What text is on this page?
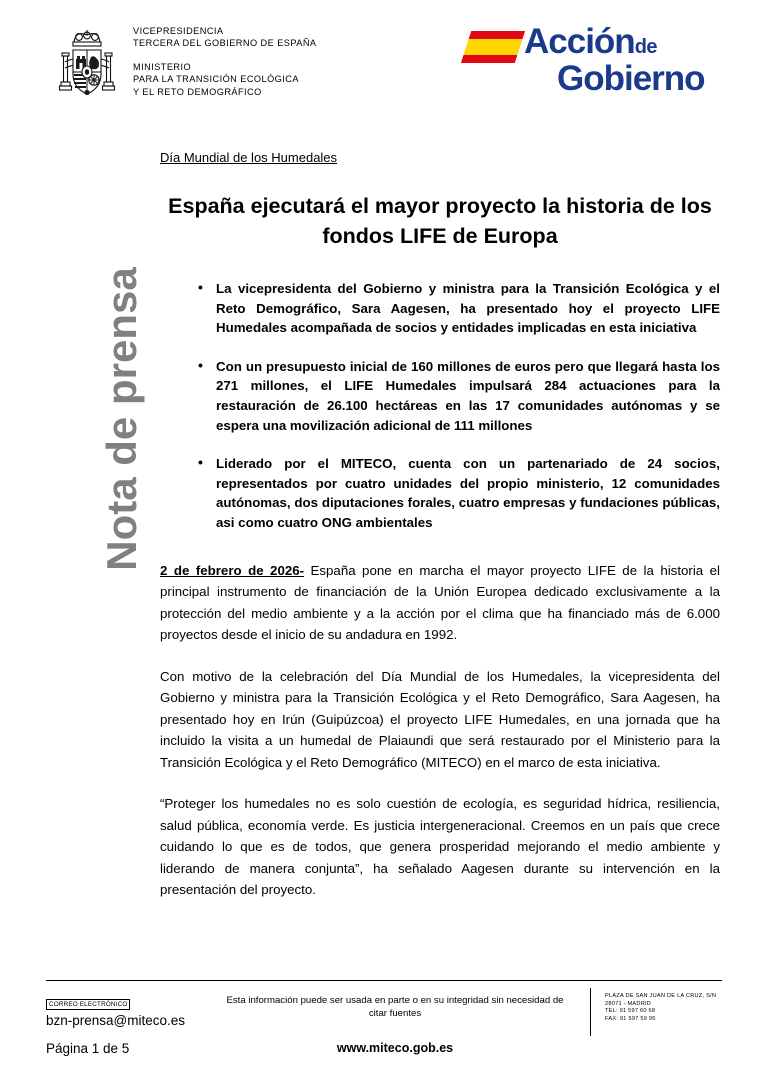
VICEPRESIDENCIA
TERCERA DEL GOBIERNO DE ESPAÑA
MINISTERIO
PARA LA TRANSICIÓN ECOLÓGICA
Y EL RETO DEMOGRÁFICO
Acciónde
Gobierno
Nota de prensa
Día Mundial de los Humedales
España ejecutará el mayor proyecto la historia de los fondos LIFE de Europa
• La vicepresidenta del Gobierno y ministra para la Transición Ecológica y el Reto Demográfico, Sara Aagesen, ha presentado hoy el proyecto LIFE Humedales acompañada de socios y entidades implicadas en esta iniciativa
• Con un presupuesto inicial de 160 millones de euros pero que llegará hasta los 271 millones, el LIFE Humedales impulsará 284 actuaciones para la restauración de 26.100 hectáreas en las 17 comunidades autónomas y se espera una movilización adicional de 111 millones
• Liderado por el MITECO, cuenta con un partenariado de 24 socios, representados por cuatro unidades del propio ministerio, 12 comunidades autónomas, dos diputaciones forales, cuatro empresas y fundaciones públicas, asi como cuatro ONG ambientales

2 de febrero de 2026- España pone en marcha el mayor proyecto LIFE de la historia el principal instrumento de financiación de la Unión Europea dedicado exclusivamente a la protección del medio ambiente y a la acción por el clima que ha financiado más de 6.000 proyectos desde el inicio de su andadura en 1992.

Con motivo de la celebración del Día Mundial de los Humedales, la vicepresidenta del Gobierno y ministra para la Transición Ecológica y el Reto Demográfico, Sara Aagesen, ha presentado hoy en Irún (Guipúzcoa) el proyecto LIFE Humedales, en una jornada que ha incluido la visita a un humedal de Plaiaundi que será restaurado por el Ministerio para la Transición Ecológica y el Reto Demográfico (MITECO) en el marco de esta iniciativa.

“Proteger los humedales no es solo cuestión de ecología, es seguridad hídrica, resiliencia, salud pública, economía verde. Es justicia intergeneracional. Creemos en un país que crece cuidando lo que es de todos, que genera prosperidad mejorando el medio ambiente y liderando de manera conjunta”, ha señalado Aagesen durante su intervención en la presentación del proyecto.

CORREO ELECTRÓNICO
bzn-prensa@miteco.es
Página 1 de 5
Esta información puede ser usada en parte o en su integridad sin necesidad de citar fuentes
www.miteco.gob.es
PLAZA DE SAN JUAN DE LA CRUZ, S/N
28071 - MADRID
TEL: 91 597 60 68
FAX: 91 597 59 95
